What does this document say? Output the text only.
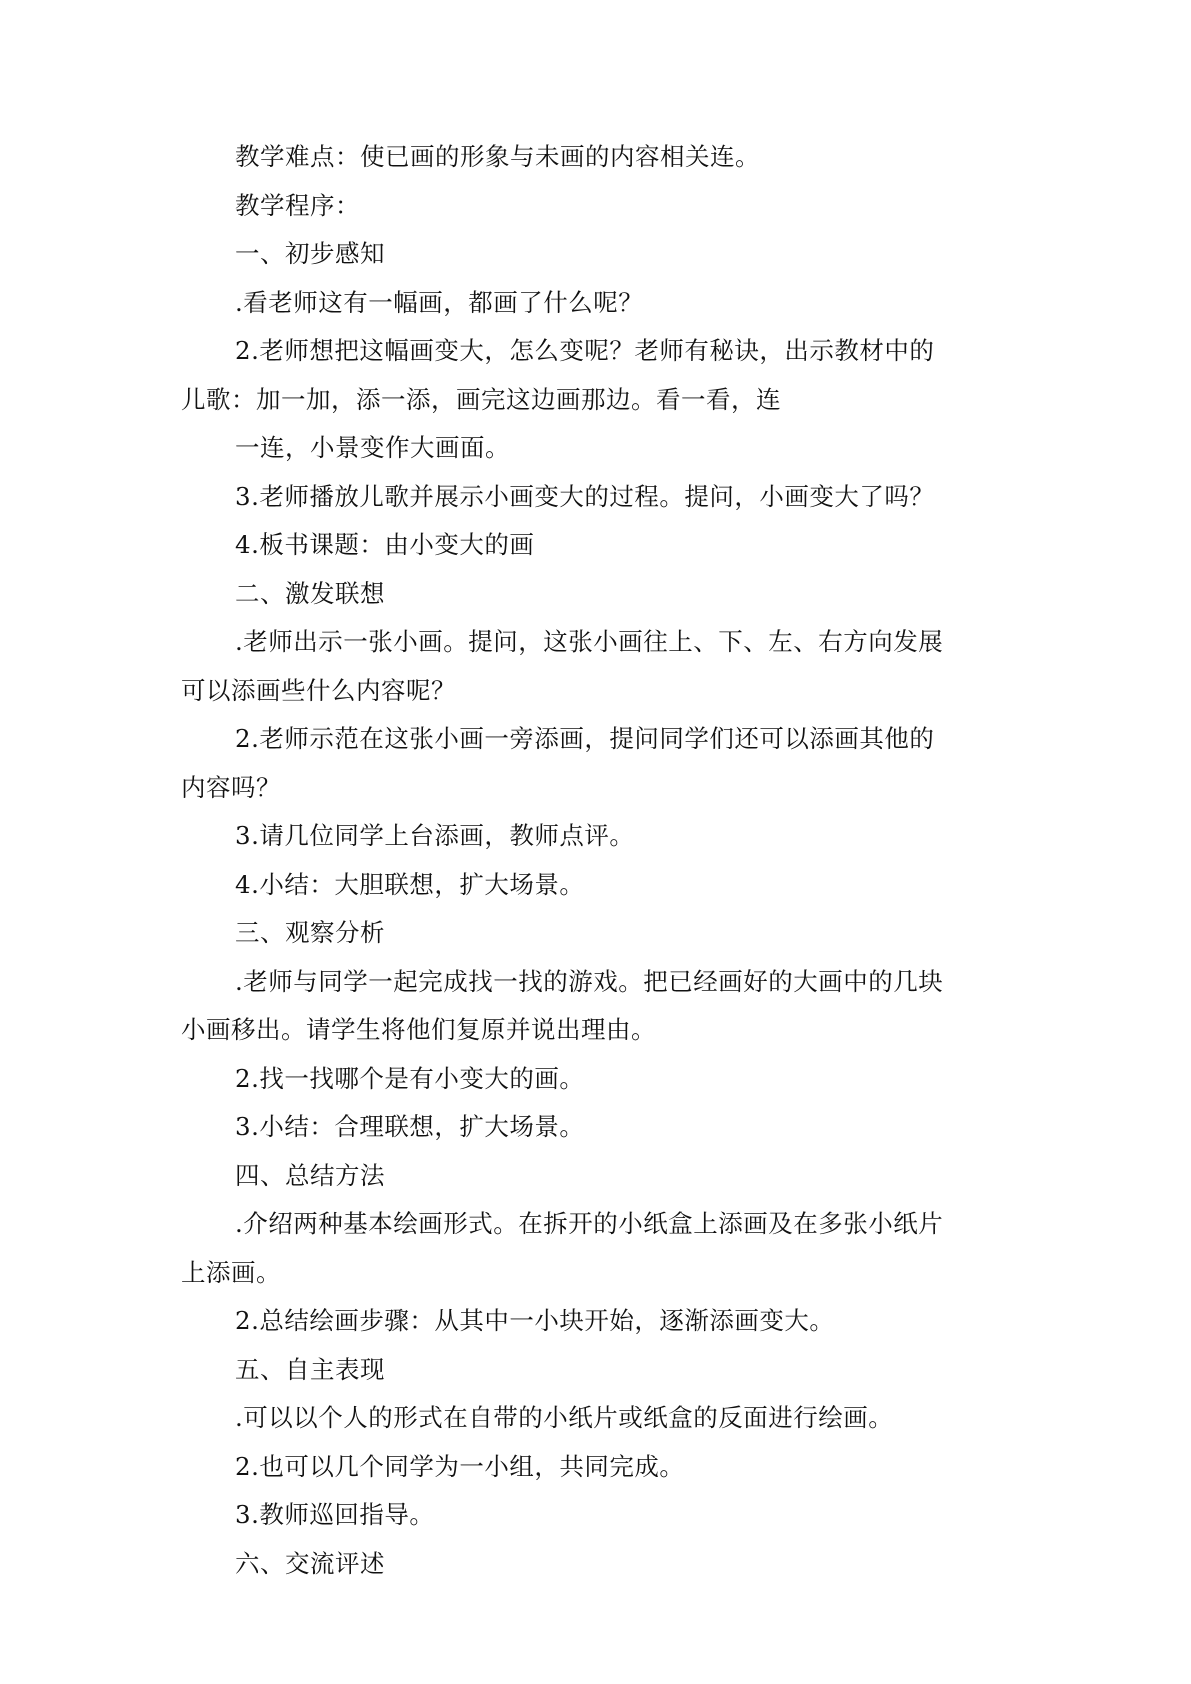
教学难点：使已画的形象与未画的内容相关连。
教学程序：
一、初步感知
.看老师这有一幅画，都画了什么呢？
2.老师想把这幅画变大，怎么变呢？老师有秘诀，出示教材中的
儿歌：加一加，添一添，画完这边画那边。看一看，连
一连，小景变作大画面。
3.老师播放儿歌并展示小画变大的过程。提问，小画变大了吗？
4.板书课题：由小变大的画
二、激发联想
.老师出示一张小画。提问，这张小画往上、下、左、右方向发展
可以添画些什么内容呢？
2.老师示范在这张小画一旁添画，提问同学们还可以添画其他的
内容吗？
3.请几位同学上台添画，教师点评。
4.小结：大胆联想，扩大场景。
三、观察分析
.老师与同学一起完成找一找的游戏。把已经画好的大画中的几块
小画移出。请学生将他们复原并说出理由。
2.找一找哪个是有小变大的画。
3.小结：合理联想，扩大场景。
四、总结方法
.介绍两种基本绘画形式。在拆开的小纸盒上添画及在多张小纸片
上添画。
2.总结绘画步骤：从其中一小块开始，逐渐添画变大。
五、自主表现
.可以以个人的形式在自带的小纸片或纸盒的反面进行绘画。
2.也可以几个同学为一小组，共同完成。
3.教师巡回指导。
六、交流评述
